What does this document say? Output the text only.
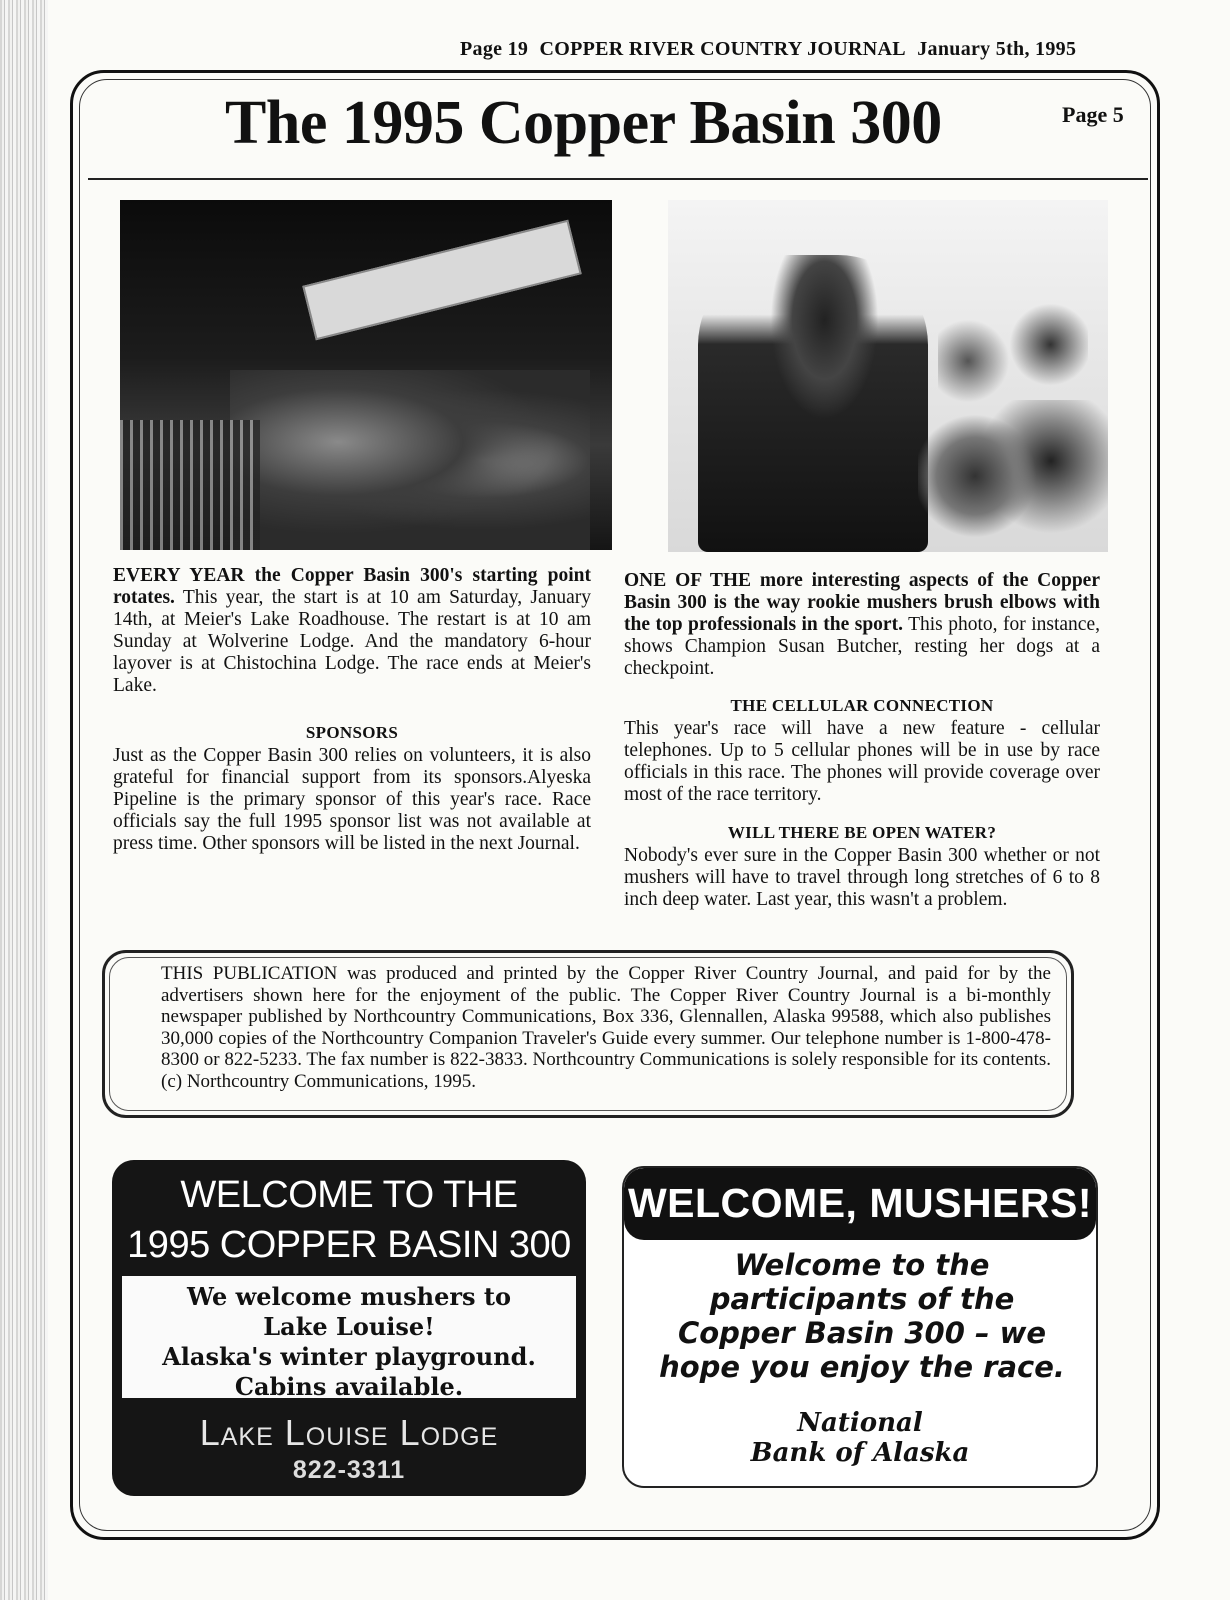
Page 19 COPPER RIVER COUNTRY JOURNAL January 5th, 1995
The 1995 Copper Basin 300	Page 5
EVERY YEAR the Copper Basin 300's starting point rotates. This year, the start is at 10 am Saturday, January 14th, at Meier's Lake Roadhouse. The restart is at 10 am Sunday at Wolverine Lodge. And the mandatory 6-hour layover is at Chistochina Lodge. The race ends at Meier's Lake.
SPONSORS
Just as the Copper Basin 300 relies on volunteers, it is also grateful for financial support from its sponsors.Alyeska Pipeline is the primary sponsor of this year's race. Race officials say the full 1995 sponsor list was not available at press time. Other sponsors will be listed in the next Journal.
ONE OF THE more interesting aspects of the Copper Basin 300 is the way rookie mushers brush elbows with the top professionals in the sport. This photo, for instance, shows Champion Susan Butcher, resting her dogs at a checkpoint.
THE CELLULAR CONNECTION
This year's race will have a new feature - cellular telephones. Up to 5 cellular phones will be in use by race officials in this race. The phones will provide coverage over most of the race territory.
WILL THERE BE OPEN WATER?
Nobody's ever sure in the Copper Basin 300 whether or not mushers will have to travel through long stretches of 6 to 8 inch deep water. Last year, this wasn't a problem.
THIS PUBLICATION was produced and printed by the Copper River Country Journal, and paid for by the advertisers shown here for the enjoyment of the public. The Copper River Country Journal is a bi-monthly newspaper published by Northcountry Communications, Box 336, Glennallen, Alaska 99588, which also publishes 30,000 copies of the Northcountry Companion Traveler's Guide every summer. Our telephone number is 1-800-478-8300 or 822-5233. The fax number is 822-3833. Northcountry Communications is solely responsible for its contents. (c) Northcountry Communications, 1995.
WELCOME TO THE
1995 COPPER BASIN 300
We welcome mushers to
Lake Louise!
Alaska's winter playground.
Cabins available.
Lake Louise Lodge
822-3311
WELCOME, MUSHERS!
Welcome to the
participants of the
Copper Basin 300 – we
hope you enjoy the race.
National
Bank of Alaska
